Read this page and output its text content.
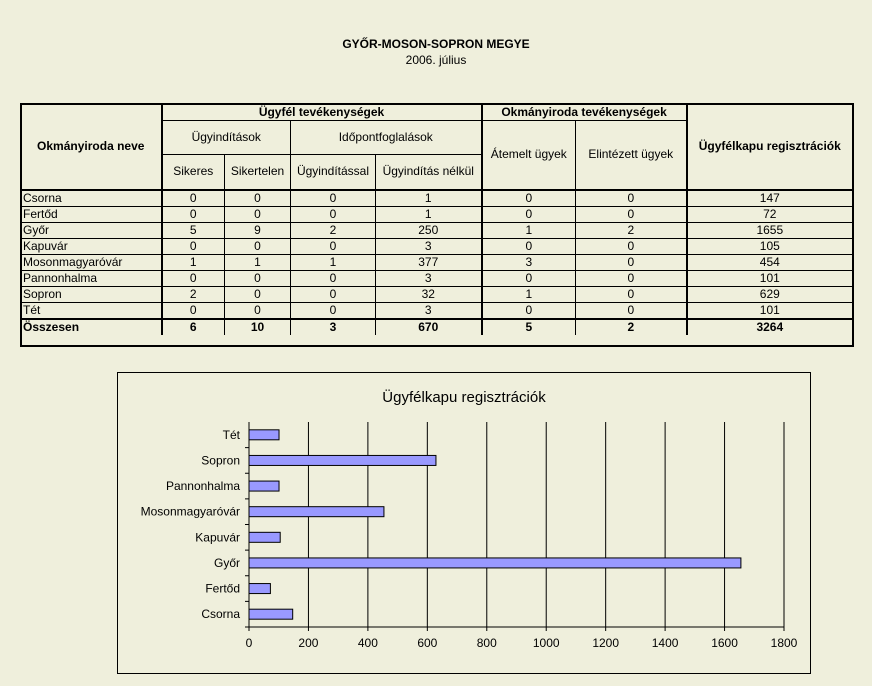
GYŐR-MOSON-SOPRON MEGYE
2006. július
Okmányiroda neve	Ügyfél tevékenységek				Okmányiroda tevékenységek		Ügyfélkapu regisztrációk
	Ügyindítások		Időpontfoglalások		Átemelt ügyek	Elintézett ügyek	
	Sikeres	Sikertelen	Ügyindítással	Ügyindítás nélkül			
Csorna	0	0	0	1	0	0	147
Fertőd	0	0	0	1	0	0	72
Győr	5	9	2	250	1	2	1655
Kapuvár	0	0	0	3	0	0	105
Mosonmagyaróvár	1	1	1	377	3	0	454
Pannonhalma	0	0	0	3	0	0	101
Sopron	2	0	0	32	1	0	629
Tét	0	0	0	3	0	0	101
Összesen	6	10	3	670	5	2	3264
Ügyfélkapu regisztrációk
0	200	400	600	800	1000	1200	1400	1600	1800
Csorna
Fertőd
Győr
Kapuvár
Mosonmagyaróvár
Pannonhalma
Sopron
Tét
